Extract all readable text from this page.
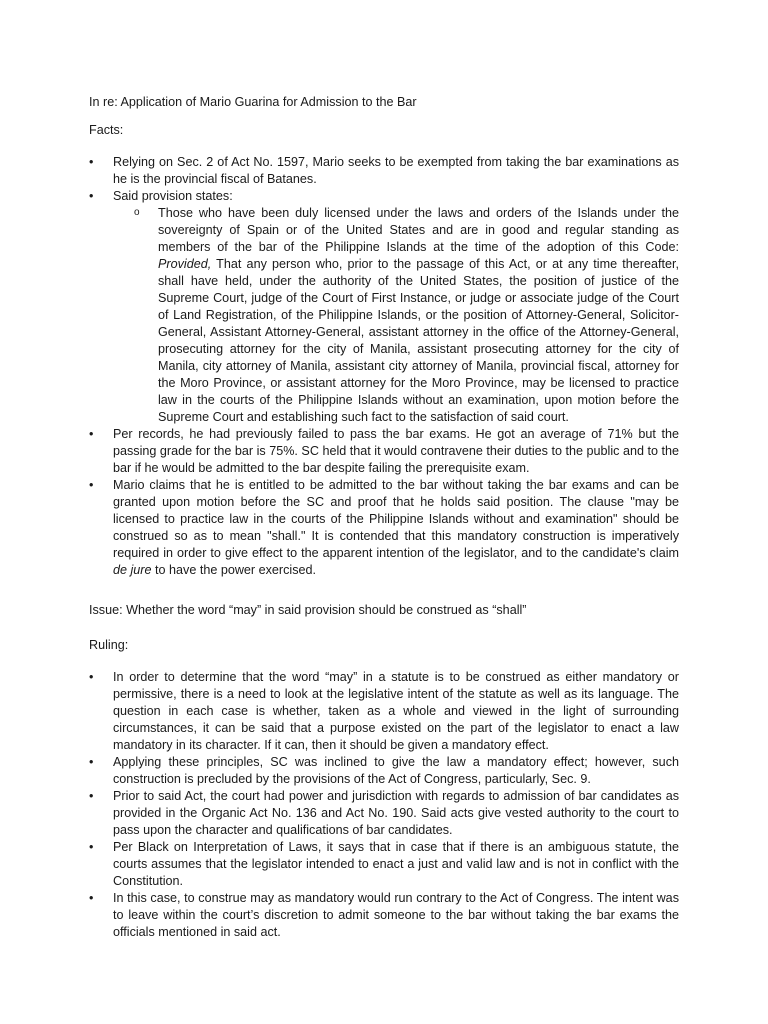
In re: Application of Mario Guarina for Admission to the Bar

Facts:

• Relying on Sec. 2 of Act No. 1597, Mario seeks to be exempted from taking the bar examinations as he is the provincial fiscal of Batanes.
• Said provision states:
o Those who have been duly licensed under the laws and orders of the Islands under the sovereignty of Spain or of the United States and are in good and regular standing as members of the bar of the Philippine Islands at the time of the adoption of this Code: Provided, That any person who, prior to the passage of this Act, or at any time thereafter, shall have held, under the authority of the United States, the position of justice of the Supreme Court, judge of the Court of First Instance, or judge or associate judge of the Court of Land Registration, of the Philippine Islands, or the position of Attorney-General, Solicitor-General, Assistant Attorney-General, assistant attorney in the office of the Attorney-General, prosecuting attorney for the city of Manila, assistant prosecuting attorney for the city of Manila, city attorney of Manila, assistant city attorney of Manila, provincial fiscal, attorney for the Moro Province, or assistant attorney for the Moro Province, may be licensed to practice law in the courts of the Philippine Islands without an examination, upon motion before the Supreme Court and establishing such fact to the satisfaction of said court.
• Per records, he had previously failed to pass the bar exams. He got an average of 71% but the passing grade for the bar is 75%. SC held that it would contravene their duties to the public and to the bar if he would be admitted to the bar despite failing the prerequisite exam.
• Mario claims that he is entitled to be admitted to the bar without taking the bar exams and can be granted upon motion before the SC and proof that he holds said position. The clause "may be licensed to practice law in the courts of the Philippine Islands without and examination" should be construed so as to mean "shall." It is contended that this mandatory construction is imperatively required in order to give effect to the apparent intention of the legislator, and to the candidate's claim de jure to have the power exercised.

Issue: Whether the word “may” in said provision should be construed as “shall”

Ruling:

• In order to determine that the word “may” in a statute is to be construed as either mandatory or permissive, there is a need to look at the legislative intent of the statute as well as its language. The question in each case is whether, taken as a whole and viewed in the light of surrounding circumstances, it can be said that a purpose existed on the part of the legislator to enact a law mandatory in its character. If it can, then it should be given a mandatory effect.
• Applying these principles, SC was inclined to give the law a mandatory effect; however, such construction is precluded by the provisions of the Act of Congress, particularly, Sec. 9.
• Prior to said Act, the court had power and jurisdiction with regards to admission of bar candidates as provided in the Organic Act No. 136 and Act No. 190. Said acts give vested authority to the court to pass upon the character and qualifications of bar candidates.
• Per Black on Interpretation of Laws, it says that in case that if there is an ambiguous statute, the courts assumes that the legislator intended to enact a just and valid law and is not in conflict with the Constitution.
• In this case, to construe may as mandatory would run contrary to the Act of Congress. The intent was to leave within the court’s discretion to admit someone to the bar without taking the bar exams the officials mentioned in said act.
